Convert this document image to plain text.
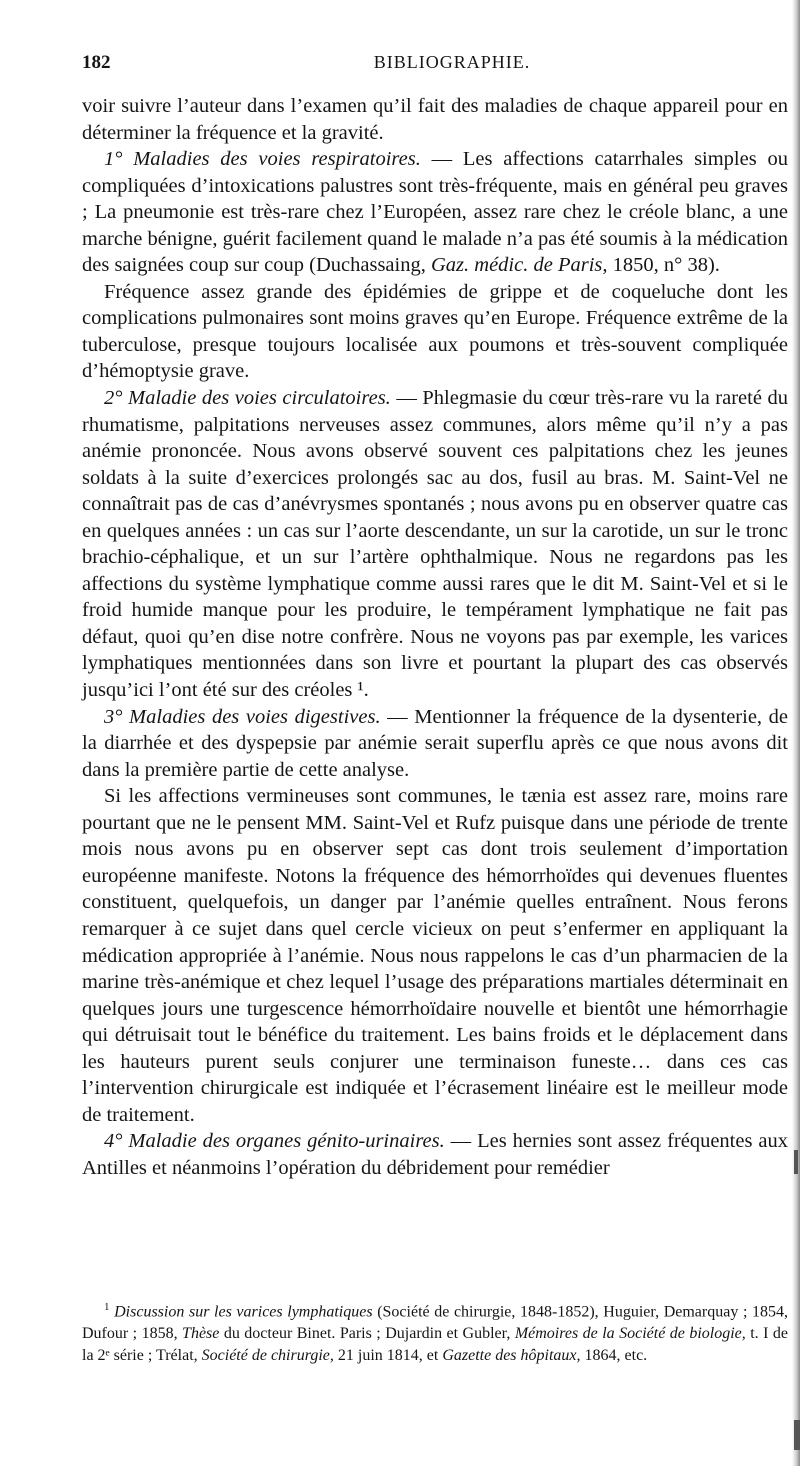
182	BIBLIOGRAPHIE.

voir suivre l’auteur dans l’examen qu’il fait des maladies de chaque appareil pour en déterminer la fréquence et la gravité.

1° Maladies des voies respiratoires. — Les affections catarrhales simples ou compliquées d’intoxications palustres sont très-fréquente, mais en général peu graves ; La pneumonie est très-rare chez l’Européen, assez rare chez le créole blanc, a une marche bénigne, guérit facilement quand le malade n’a pas été soumis à la médication des saignées coup sur coup (Duchassaing, Gaz. médic. de Paris, 1850, n° 38).

Fréquence assez grande des épidémies de grippe et de coqueluche dont les complications pulmonaires sont moins graves qu’en Europe. Fréquence extrême de la tuberculose, presque toujours localisée aux poumons et très-souvent compliquée d’hémoptysie grave.

2° Maladie des voies circulatoires. — Phlegmasie du cœur très-rare vu la rareté du rhumatisme, palpitations nerveuses assez communes, alors même qu’il n’y a pas anémie prononcée. Nous avons observé souvent ces palpitations chez les jeunes soldats à la suite d’exercices prolongés sac au dos, fusil au bras. M. Saint-Vel ne connaîtrait pas de cas d’anévrysmes spontanés ; nous avons pu en observer quatre cas en quelques années : un cas sur l’aorte descendante, un sur la carotide, un sur le tronc brachio-céphalique, et un sur l’artère ophthalmique. Nous ne regardons pas les affections du système lymphatique comme aussi rares que le dit M. Saint-Vel et si le froid humide manque pour les produire, le tempérament lymphatique ne fait pas défaut, quoi qu’en dise notre confrère. Nous ne voyons pas par exemple, les varices lymphatiques mentionnées dans son livre et pourtant la plupart des cas observés jusqu’ici l’ont été sur des créoles ¹.

3° Maladies des voies digestives. — Mentionner la fréquence de la dysenterie, de la diarrhée et des dyspepsie par anémie serait superflu après ce que nous avons dit dans la première partie de cette analyse.

Si les affections vermineuses sont communes, le tænia est assez rare, moins rare pourtant que ne le pensent MM. Saint-Vel et Rufz puisque dans une période de trente mois nous avons pu en observer sept cas dont trois seulement d’importation européenne manifeste. Notons la fréquence des hémorrhoïdes qui devenues fluentes constituent, quelquefois, un danger par l’anémie quelles entraînent. Nous ferons remarquer à ce sujet dans quel cercle vicieux on peut s’enfermer en appliquant la médication appropriée à l’anémie. Nous nous rappelons le cas d’un pharmacien de la marine très-anémique et chez lequel l’usage des préparations martiales déterminait en quelques jours une turgescence hémorrhoïdaire nouvelle et bientôt une hémorrhagie qui détruisait tout le bénéfice du traitement. Les bains froids et le déplacement dans les hauteurs purent seuls conjurer une terminaison funeste… dans ces cas l’intervention chirurgicale est indiquée et l’écrasement linéaire est le meilleur mode de traitement.

4° Maladie des organes génito-urinaires. — Les hernies sont assez fréquentes aux Antilles et néanmoins l’opération du débridement pour remédier

$^1$ Discussion sur les varices lymphatiques (Société de chirurgie, 1848-1852), Huguier, Demarquay ; 1854, Dufour ; 1858, Thèse du docteur Binet. Paris ; Dujardin et Gubler, Mémoires de la Société de biologie, t. I de la 2ᵉ série ; Trélat, Société de chirurgie, 21 juin 1814, et Gazette des hôpitaux, 1864, etc.
